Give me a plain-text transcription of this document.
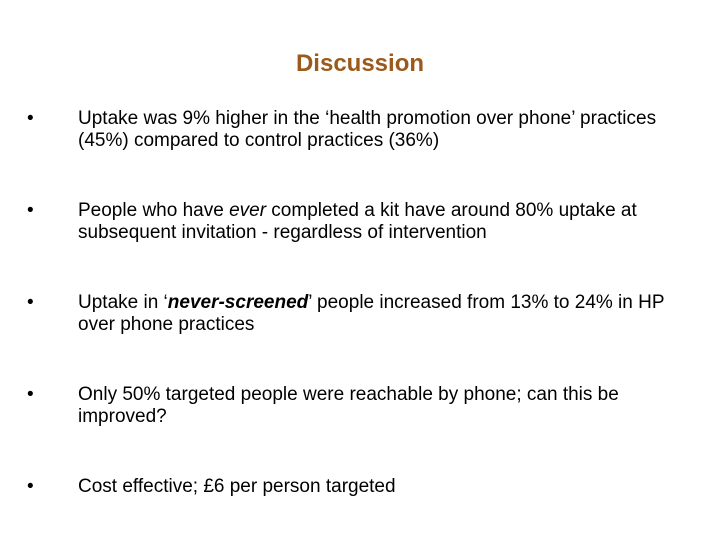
Discussion
•	Uptake was 9% higher in the ‘health promotion over phone’ practices (45%) compared to control practices (36%)
•	People who have ever completed a kit have around 80% uptake at subsequent invitation - regardless of intervention
•	Uptake in ‘never-screened’ people increased from 13% to 24% in HP over phone practices
•	Only 50% targeted people were reachable by phone; can this be improved?
•	Cost effective; £6 per person targeted
